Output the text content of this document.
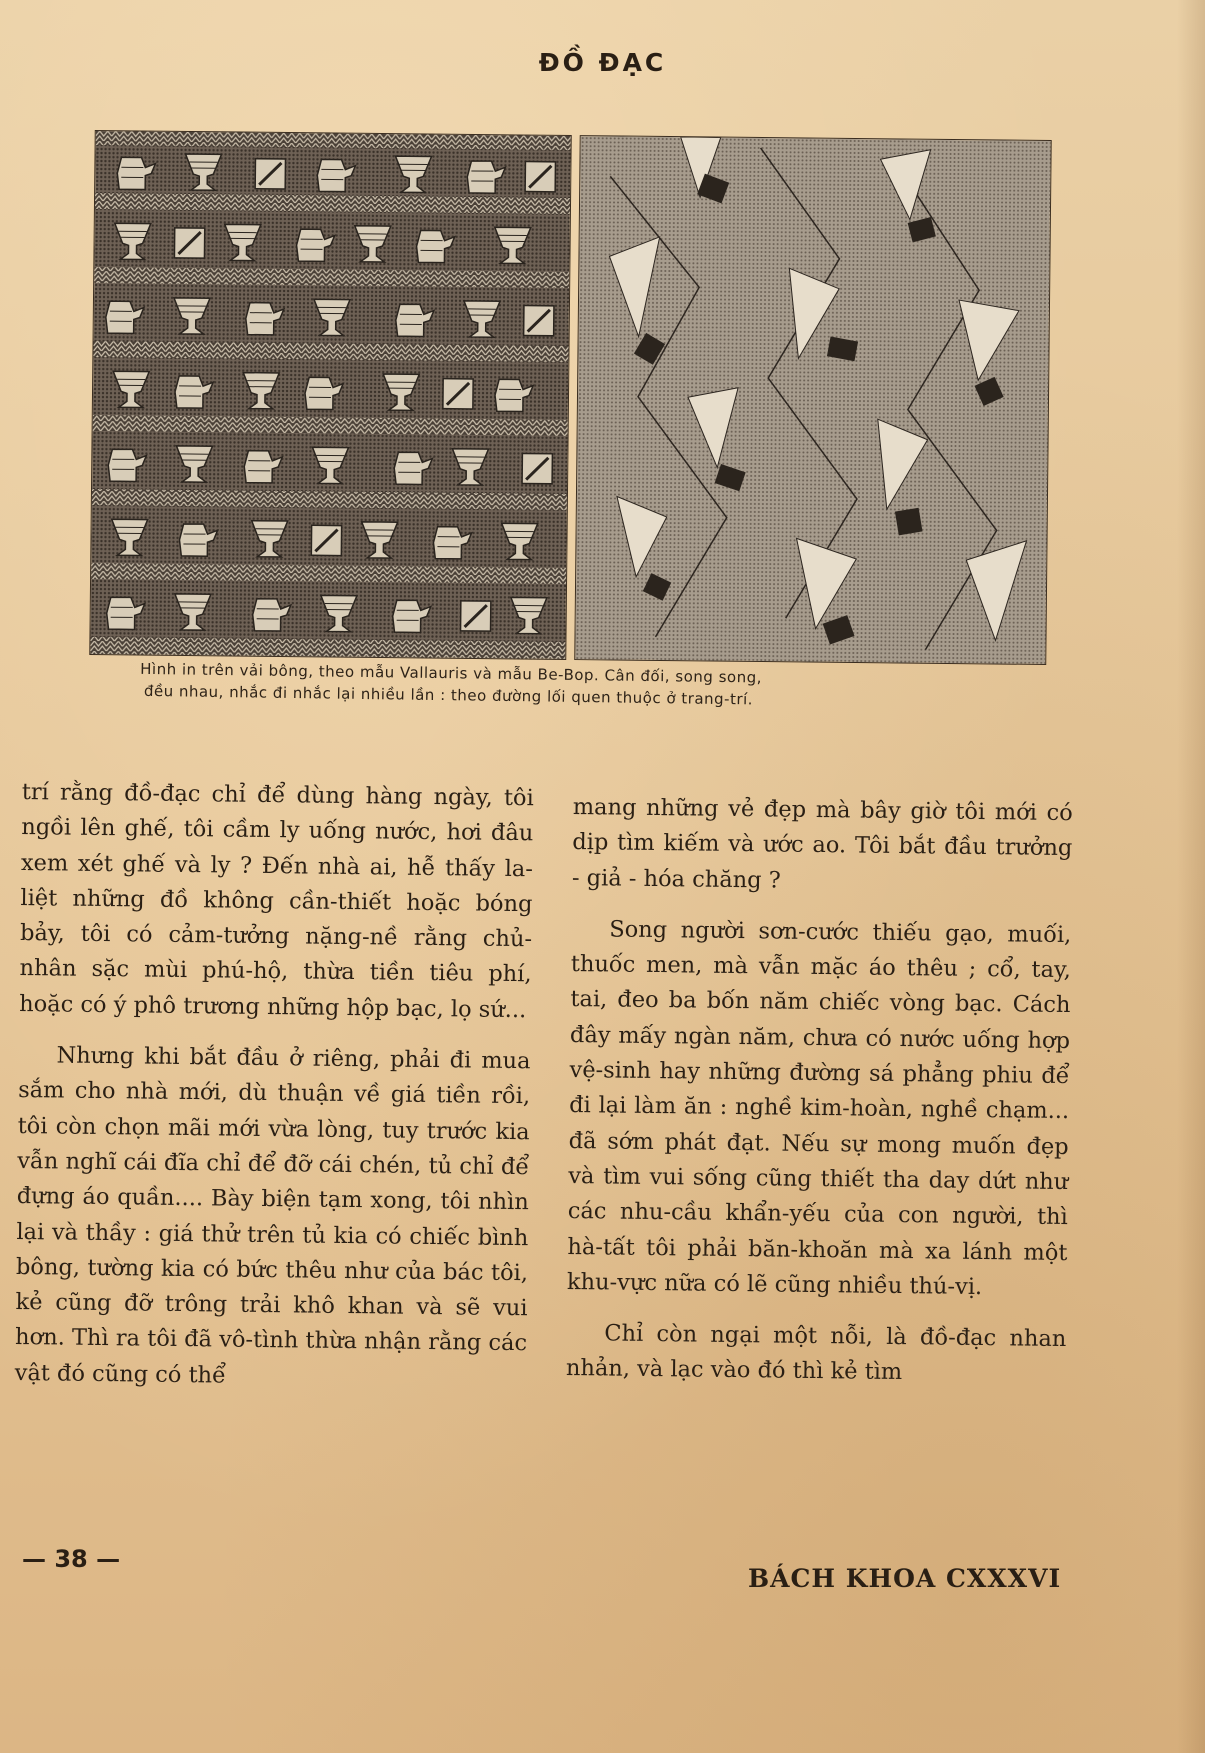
ĐỒ ĐẠC
Hình in trên vải bông, theo mẫu Vallauris và mẫu Be-Bop. Cân đối, song song,
đều nhau, nhắc đi nhắc lại nhiều lần : theo đường lối quen thuộc ở trang-trí.

trí rằng đồ-đạc chỉ để dùng hàng ngày, tôi ngồi lên ghế, tôi cầm ly uống nước, hơi đâu xem xét ghế và ly ? Đến nhà ai, hễ thấy la-liệt những đồ không cần-thiết hoặc bóng bảy, tôi có cảm-tưởng nặng-nề rằng chủ-nhân sặc mùi phú-hộ, thừa tiền tiêu phí, hoặc có ý phô trương những hộp bạc, lọ sứ...

Nhưng khi bắt đầu ở riêng, phải đi mua sắm cho nhà mới, dù thuận về giá tiền rồi, tôi còn chọn mãi mới vừa lòng, tuy trước kia vẫn nghĩ cái đĩa chỉ để đỡ cái chén, tủ chỉ để đựng áo quần.... Bày biện tạm xong, tôi nhìn lại và thầy : giá thử trên tủ kia có chiếc bình bông, tường kia có bức thêu như của bác tôi, kẻ cũng đỡ trông trải khô khan và sẽ vui hơn. Thì ra tôi đã vô-tình thừa nhận rằng các vật đó cũng có thể

mang những vẻ đẹp mà bây giờ tôi mới có dịp tìm kiếm và ước ao. Tôi bắt đầu trưởng - giả - hóa chăng ?

Song người sơn-cước thiếu gạo, muối, thuốc men, mà vẫn mặc áo thêu ; cổ, tay, tai, đeo ba bốn năm chiếc vòng bạc. Cách đây mấy ngàn năm, chưa có nước uống hợp vệ-sinh hay những đường sá phẳng phiu để đi lại làm ăn : nghề kim-hoàn, nghề chạm... đã sớm phát đạt. Nếu sự mong muốn đẹp và tìm vui sống cũng thiết tha day dứt như các nhu-cầu khẩn-yếu của con người, thì hà-tất tôi phải băn-khoăn mà xa lánh một khu-vực nữa có lẽ cũng nhiều thú-vị.

Chỉ còn ngại một nỗi, là đồ-đạc nhan nhản, và lạc vào đó thì kẻ tìm

— 38 —
BÁCH KHOA CXXXVI
